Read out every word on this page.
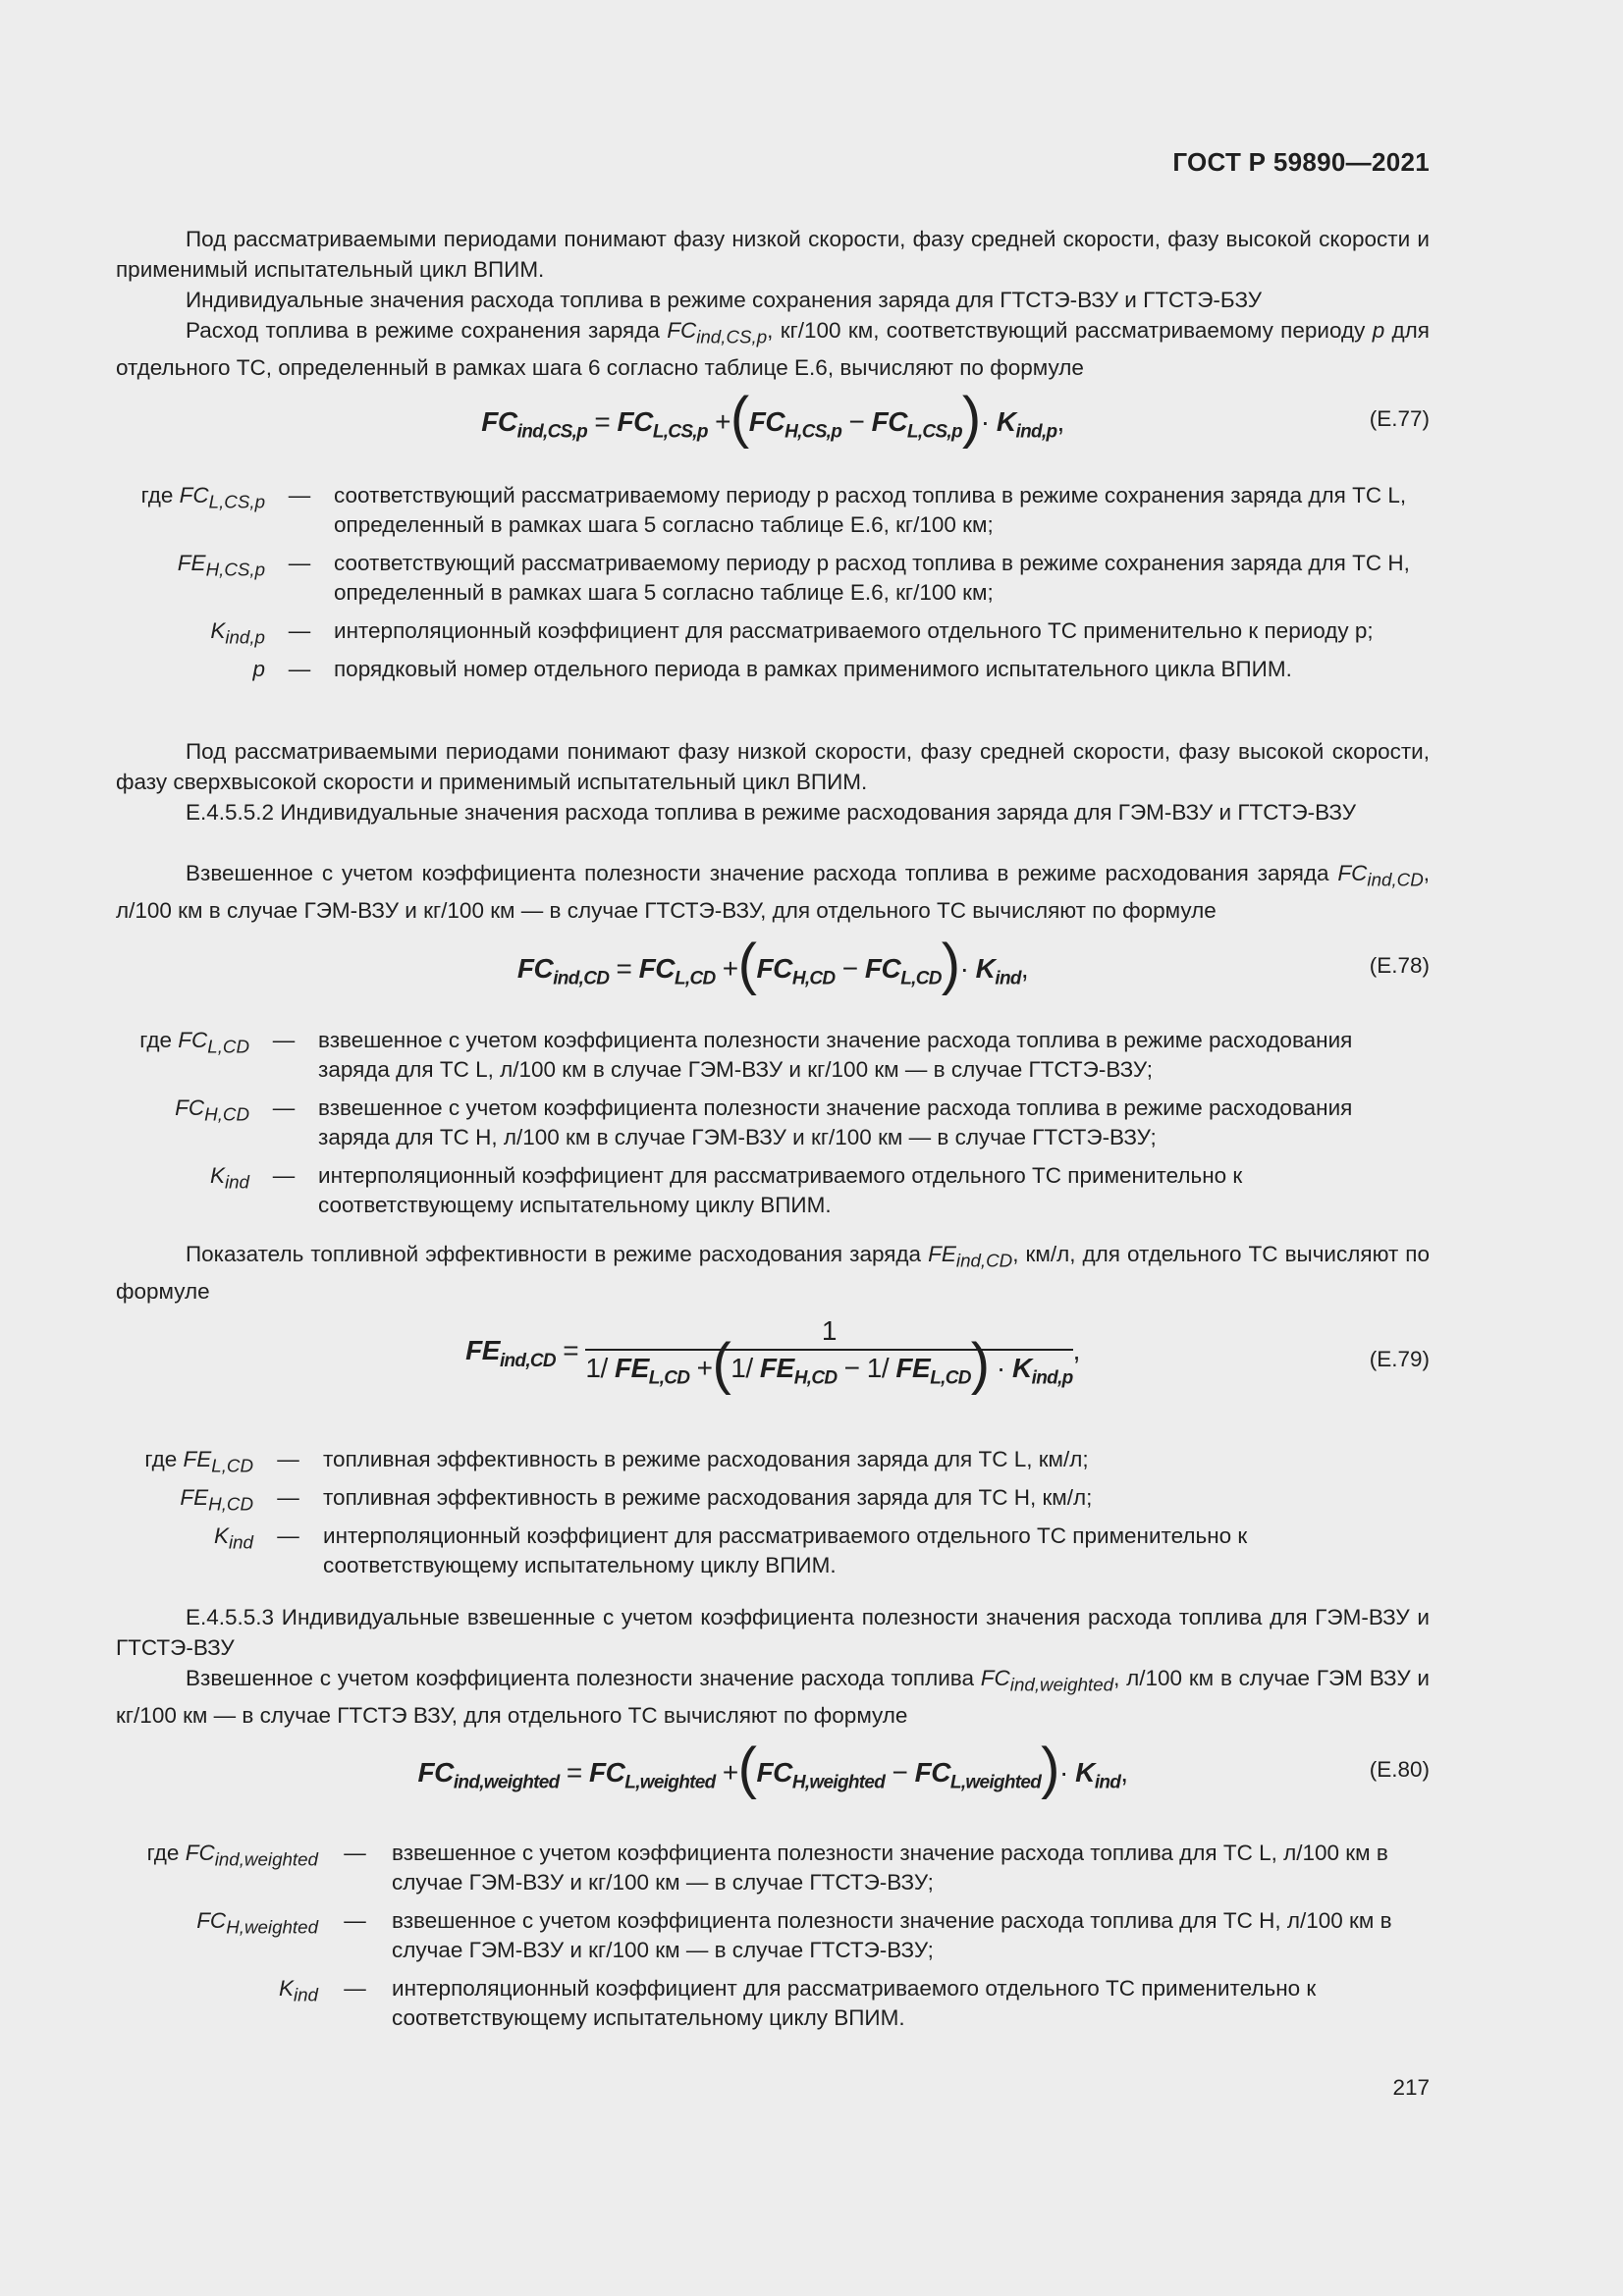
ГОСТ Р 59890—2021
Под рассматриваемыми периодами понимают фазу низкой скорости, фазу средней скорости, фазу высокой скорости и применимый испытательный цикл ВПИМ.
Индивидуальные значения расхода топлива в режиме сохранения заряда для ГТСТЭ-ВЗУ и ГТСТЭ-БЗУ
Расход топлива в режиме сохранения заряда $FC_{ind,CS,p}$, кг/100 км, соответствующий рассматриваемому периоду p для отдельного ТС, определенный в рамках шага 6 согласно таблице Е.6, вычисляют по формуле
$FC_{ind,CS,p} = FC_{L,CS,p} +(FC_{H,CS,p} - FC_{L,CS,p})\cdot K_{ind,p}$,	(Е.77)
где $FC_{L,CS,p}$ — соответствующий рассматриваемому периоду p расход топлива в режиме сохранения заряда для ТС L, определенный в рамках шага 5 согласно таблице Е.6, кг/100 км;
$FE_{H,CS,p}$ — соответствующий рассматриваемому периоду p расход топлива в режиме сохранения заряда для ТС Н, определенный в рамках шага 5 согласно таблице Е.6, кг/100 км;
$K_{ind,p}$ — интерполяционный коэффициент для рассматриваемого отдельного ТС применительно к периоду p;
p — порядковый номер отдельного периода в рамках применимого испытательного цикла ВПИМ.
Под рассматриваемыми периодами понимают фазу низкой скорости, фазу средней скорости, фазу высокой скорости, фазу сверхвысокой скорости и применимый испытательный цикл ВПИМ.
Е.4.5.5.2 Индивидуальные значения расхода топлива в режиме расходования заряда для ГЭМ-ВЗУ и ГТСТЭ-ВЗУ
Взвешенное с учетом коэффициента полезности значение расхода топлива в режиме расходования заряда $FC_{ind,CD}$, л/100 км в случае ГЭМ-ВЗУ и кг/100 км — в случае ГТСТЭ-ВЗУ, для отдельного ТС вычисляют по формуле
$FC_{ind,CD} = FC_{L,CD} +(FC_{H,CD} - FC_{L,CD})\cdot K_{ind}$,	(Е.78)
где $FC_{L,CD}$ — взвешенное с учетом коэффициента полезности значение расхода топлива в режиме расходования заряда для ТС L, л/100 км в случае ГЭМ-ВЗУ и кг/100 км — в случае ГТСТЭ-ВЗУ;
$FC_{H,CD}$ — взвешенное с учетом коэффициента полезности значение расхода топлива в режиме расходования заряда для ТС Н, л/100 км в случае ГЭМ-ВЗУ и кг/100 км — в случае ГТСТЭ-ВЗУ;
$K_{ind}$ — интерполяционный коэффициент для рассматриваемого отдельного ТС применительно к соответствующему испытательному циклу ВПИМ.
Показатель топливной эффективности в режиме расходования заряда $FE_{ind,CD}$, км/л, для отдельного ТС вычисляют по формуле
$FE_{ind,CD} = \frac{1}{1/ FE_{L,CD} +(1/ FE_{H,CD} - 1/ FE_{L,CD}) \cdot K_{ind,p}}$ ,	(Е.79)
где $FE_{L,CD}$ — топливная эффективность в режиме расходования заряда для ТС L, км/л;
$FE_{H,CD}$ — топливная эффективность в режиме расходования заряда для ТС Н, км/л;
$K_{ind}$ — интерполяционный коэффициент для рассматриваемого отдельного ТС применительно к соответствующему испытательному циклу ВПИМ.
Е.4.5.5.3 Индивидуальные взвешенные с учетом коэффициента полезности значения расхода топлива для ГЭМ-ВЗУ и ГТСТЭ-ВЗУ
Взвешенное с учетом коэффициента полезности значение расхода топлива $FC_{ind,weighted}$, л/100 км в случае ГЭМ ВЗУ и кг/100 км — в случае ГТСТЭ ВЗУ, для отдельного ТС вычисляют по формуле
$FC_{ind,weighted} = FC_{L,weighted} +(FC_{H,weighted} - FC_{L,weighted})\cdot K_{ind}$,	(Е.80)
где $FC_{ind,weighted}$ — взвешенное с учетом коэффициента полезности значение расхода топлива для ТС L, л/100 км в случае ГЭМ-ВЗУ и кг/100 км — в случае ГТСТЭ-ВЗУ;
$FC_{H,weighted}$ — взвешенное с учетом коэффициента полезности значение расхода топлива для ТС Н, л/100 км в случае ГЭМ-ВЗУ и кг/100 км — в случае ГТСТЭ-ВЗУ;
$K_{ind}$ — интерполяционный коэффициент для рассматриваемого отдельного ТС применительно к соответствующему испытательному циклу ВПИМ.
217
